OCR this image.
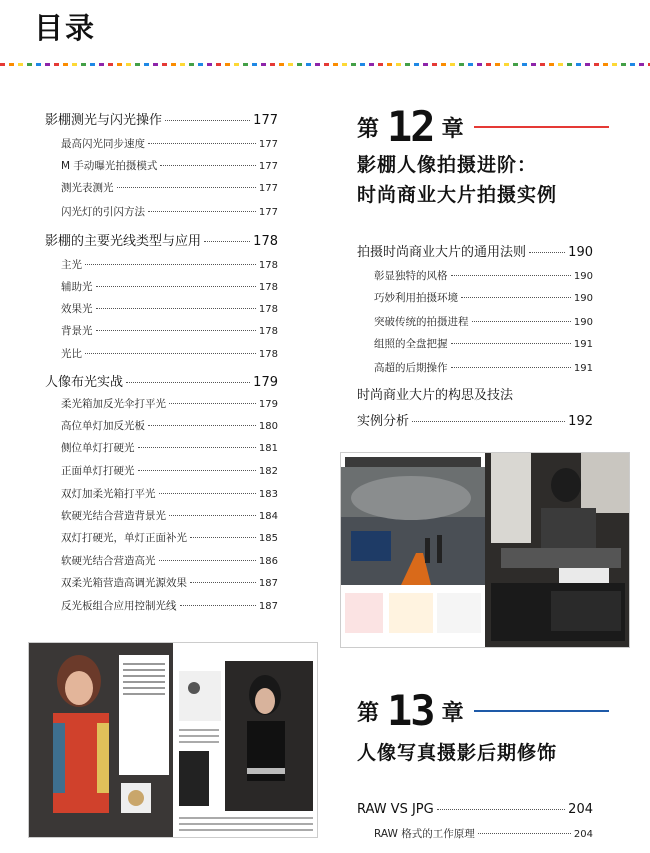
目录
影棚测光与闪光操作	177
最高闪光同步速度	177
M 手动曝光拍摄模式	177
测光表测光	177
闪光灯的引闪方法	177
影棚的主要光线类型与应用	178
主光	178
辅助光	178
效果光	178
背景光	178
光比	178
人像布光实战	179
柔光箱加反光伞打平光	179
高位单灯加反光板	180
侧位单灯打硬光	181
正面单灯打硬光	182
双灯加柔光箱打平光	183
软硬光结合营造背景光	184
双灯打硬光，单灯正面补光	185
软硬光结合营造高光	186
双柔光箱营造高调光源效果	187
反光板组合应用控制光线	187
第 12 章
影棚人像拍摄进阶：
时尚商业大片拍摄实例
拍摄时尚商业大片的通用法则	190
彰显独特的风格	190
巧妙利用拍摄环境	190
突破传统的拍摄进程	190
组照的全盘把握	191
高超的后期操作	191
时尚商业大片的构思及技法
实例分析	192
第 13 章
人像写真摄影后期修饰
RAW VS JPG	204
RAW 格式的工作原理	204
